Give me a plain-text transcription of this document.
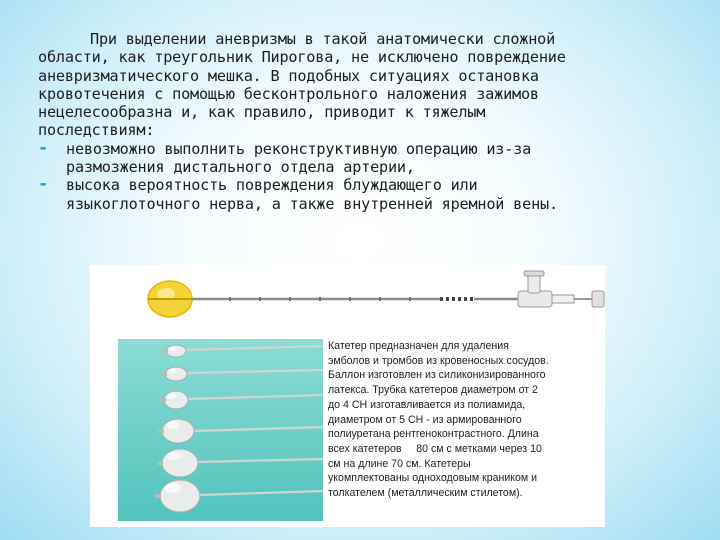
При выделении аневризмы в такой анатомически сложной
области, как треугольник Пирогова, не исключено повреждение
аневризматического мешка. В подобных ситуациях остановка
кровотечения с помощью бесконтрольного наложения зажимов
нецелесообразна и, как правило, приводит к тяжелым
последствиям:

- невозможно выполнить реконструктивную операцию из-за
размозжения дистального отдела артерии,

- высока вероятность повреждения блуждающего или
языкоглоточного нерва, а также внутренней яремной вены.

Катетер предназначен для удаления
эмболов и тромбов из кровеносных сосудов.
Баллон изготовлен из силиконизированного
латекса. Трубка катетеров диаметром от 2
до 4 СН изготавливается из полиамида,
диаметром от 5 СН - из армированного
полиуретана рентгеноконтрастного. Длина
всех катетеров     80 см с метками через 10
см на длине 70 см. Катетеры
укомплектованы одноходовым краником и
толкателем (металлическим стилетом).
